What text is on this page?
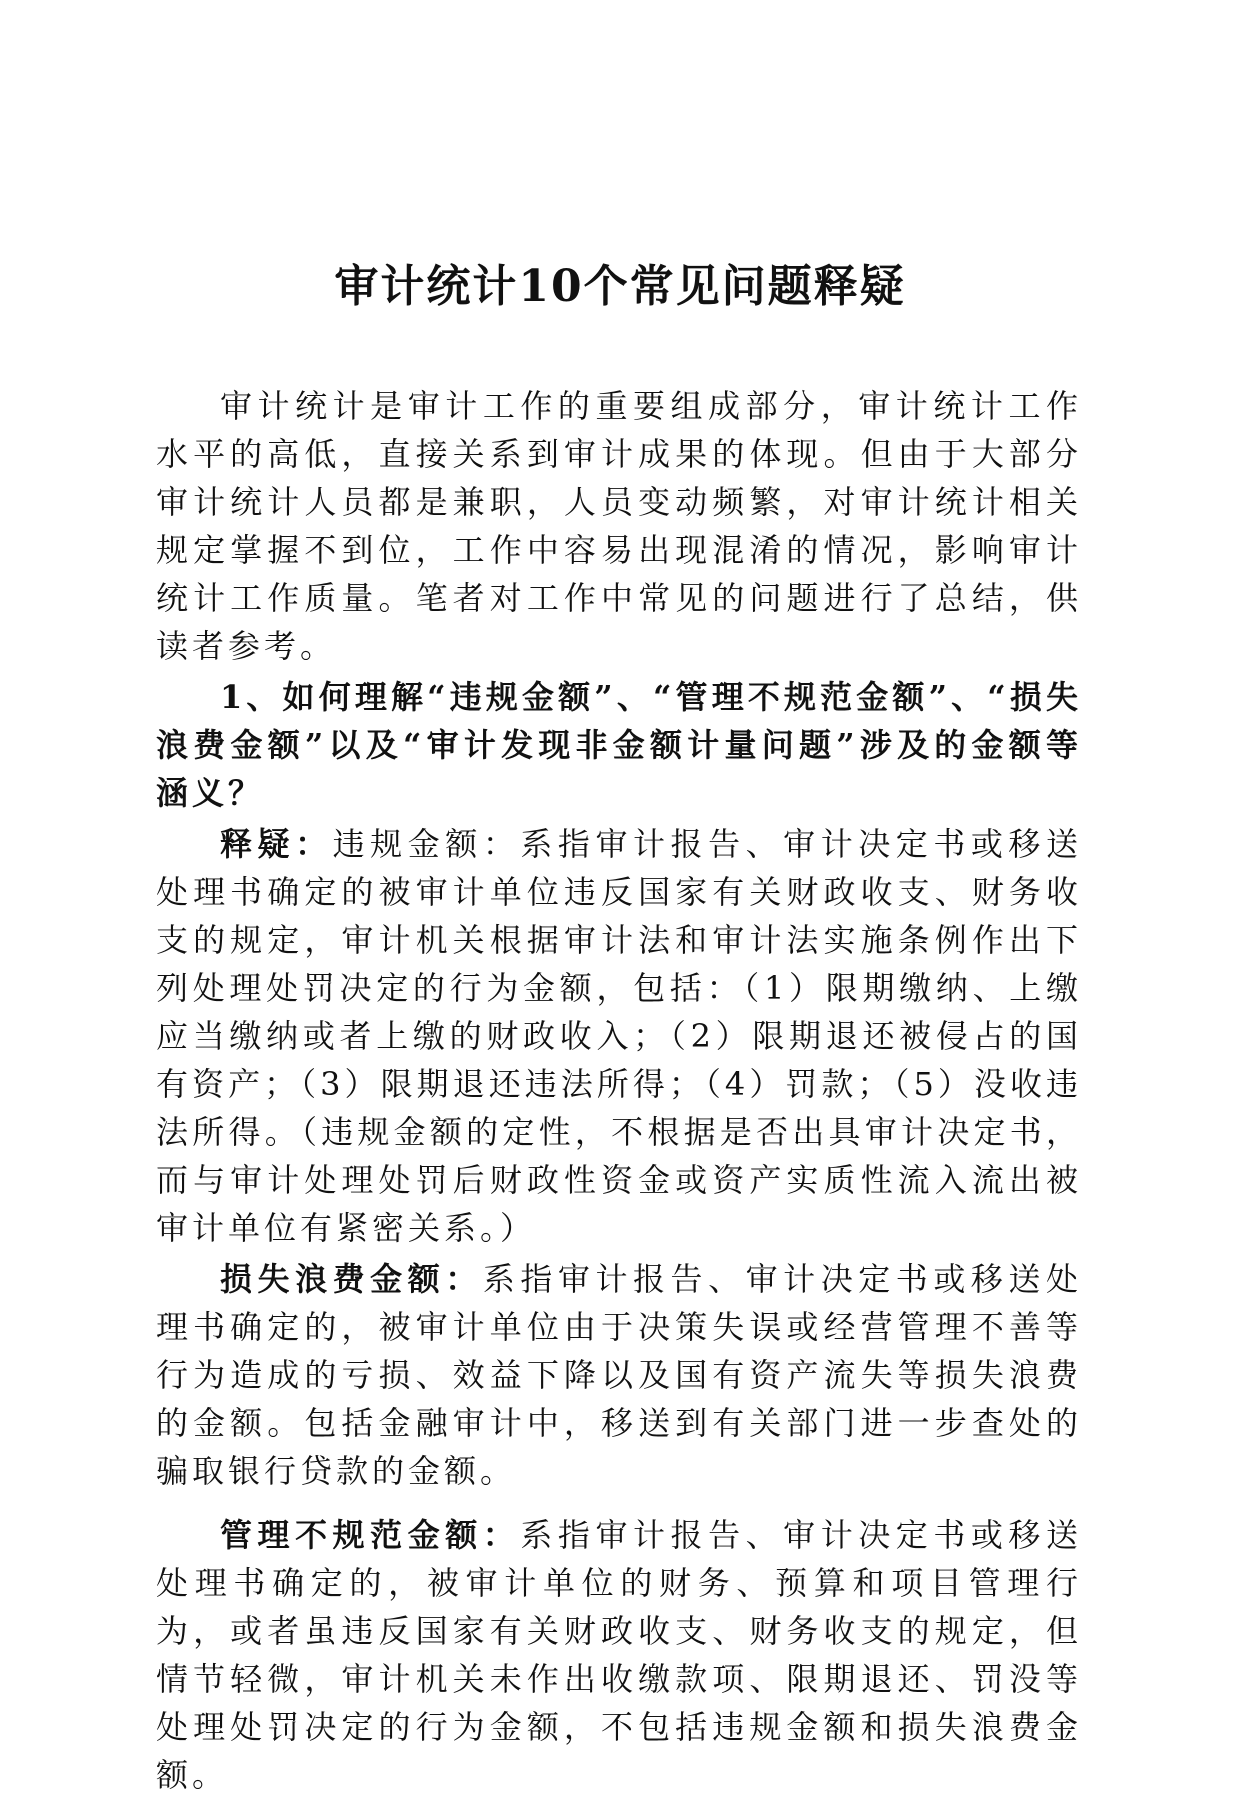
审计统计10个常见问题释疑

审计统计是审计工作的重要组成部分，审计统计工作水平的高低，直接关系到审计成果的体现。但由于大部分审计统计人员都是兼职，人员变动频繁，对审计统计相关规定掌握不到位，工作中容易出现混淆的情况，影响审计统计工作质量。笔者对工作中常见的问题进行了总结，供读者参考。

1、如何理解“违规金额”、“管理不规范金额”、“损失浪费金额”以及“审计发现非金额计量问题”涉及的金额等涵义？

释疑：违规金额：系指审计报告、审计决定书或移送处理书确定的被审计单位违反国家有关财政收支、财务收支的规定，审计机关根据审计法和审计法实施条例作出下列处理处罚决定的行为金额，包括：（1）限期缴纳、上缴应当缴纳或者上缴的财政收入；（2）限期退还被侵占的国有资产；（3）限期退还违法所得；（4）罚款；（5）没收违法所得。（违规金额的定性，不根据是否出具审计决定书，而与审计处理处罚后财政性资金或资产实质性流入流出被审计单位有紧密关系。）

损失浪费金额：系指审计报告、审计决定书或移送处理书确定的，被审计单位由于决策失误或经营管理不善等行为造成的亏损、效益下降以及国有资产流失等损失浪费的金额。包括金融审计中，移送到有关部门进一步查处的骗取银行贷款的金额。

管理不规范金额：系指审计报告、审计决定书或移送处理书确定的，被审计单位的财务、预算和项目管理行为，或者虽违反国家有关财政收支、财务收支的规定，但情节轻微，审计机关未作出收缴款项、限期退还、罚没等处理处罚决定的行为金额，不包括违规金额和损失浪费金额。
